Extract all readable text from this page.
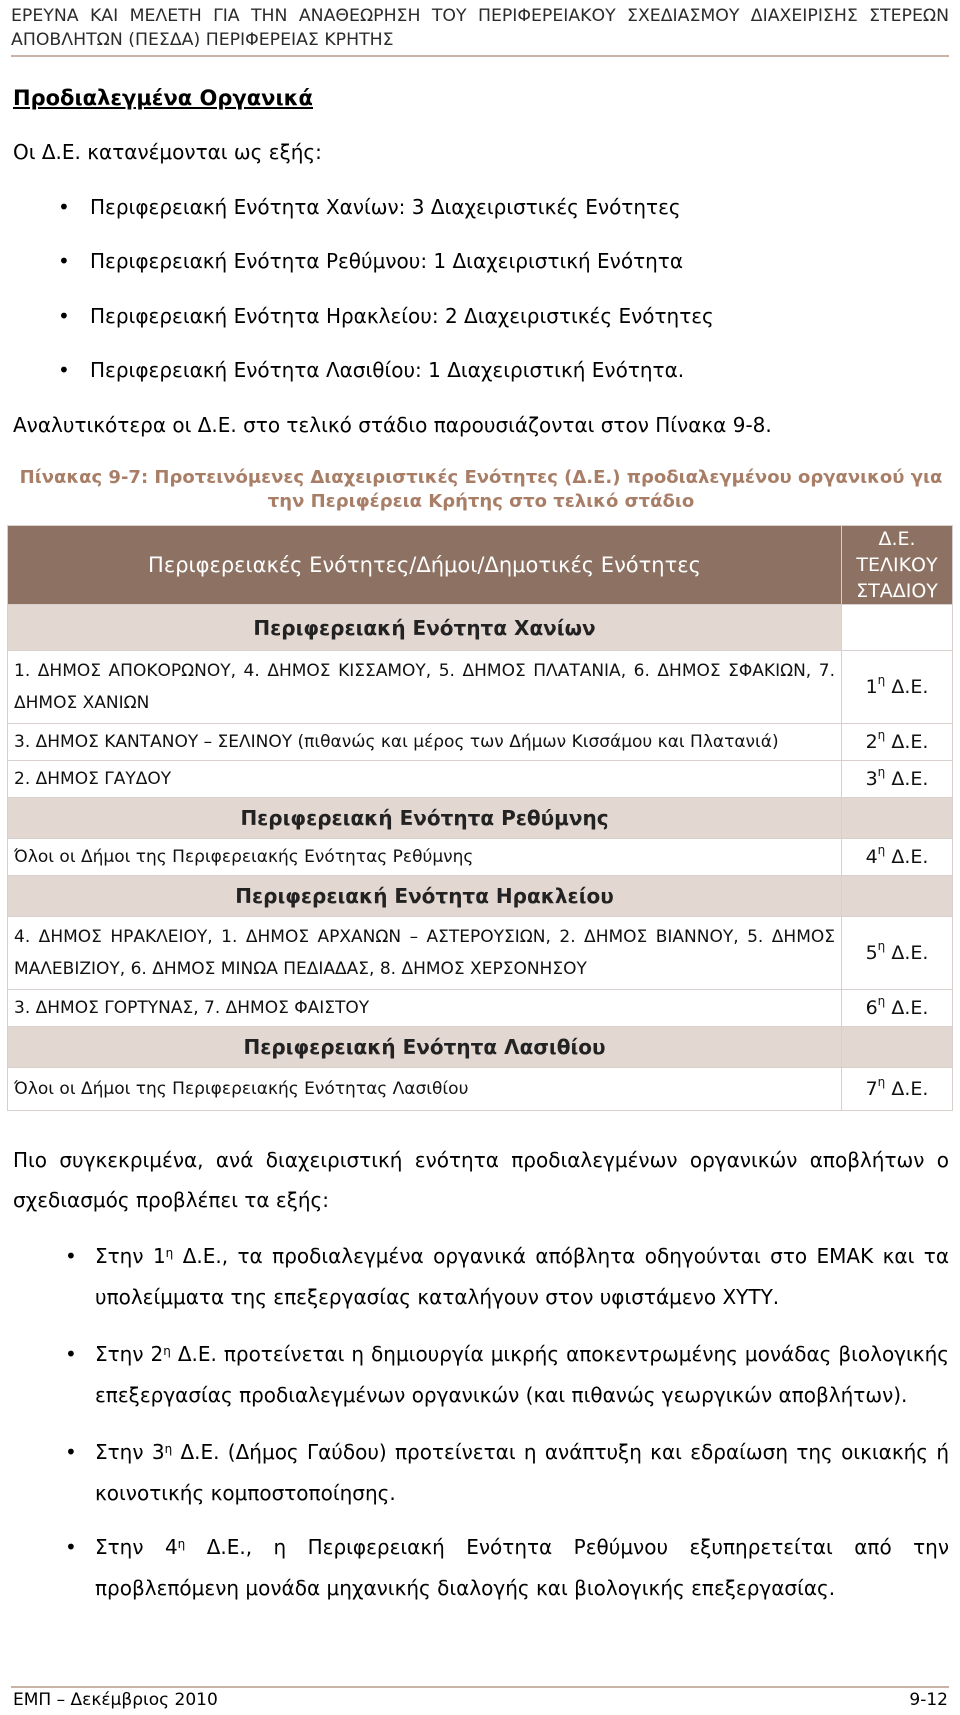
ΕΡΕΥΝΑ ΚΑΙ ΜΕΛΕΤΗ ΓΙΑ ΤΗΝ ΑΝΑΘΕΩΡΗΣΗ ΤΟΥ ΠΕΡΙΦΕΡΕΙΑΚΟΥ ΣΧΕΔΙΑΣΜΟΥ ΔΙΑΧΕΙΡΙΣΗΣ ΣΤΕΡΕΩΝ
ΑΠΟΒΛΗΤΩΝ (ΠΕΣΔΑ) ΠΕΡΙΦΕΡΕΙΑΣ ΚΡΗΤΗΣ
Προδιαλεγμένα Οργανικά
Οι Δ.Ε. κατανέμονται ως εξής:
• Περιφερειακή Ενότητα Χανίων: 3 Διαχειριστικές Ενότητες
• Περιφερειακή Ενότητα Ρεθύμνου: 1 Διαχειριστική Ενότητα
• Περιφερειακή Ενότητα Ηρακλείου: 2 Διαχειριστικές Ενότητες
• Περιφερειακή Ενότητα Λασιθίου: 1 Διαχειριστική Ενότητα.
Αναλυτικότερα οι Δ.Ε. στο τελικό στάδιο παρουσιάζονται στον Πίνακα 9-8.
Πίνακας 9-7: Προτεινόμενες Διαχειριστικές Ενότητες (Δ.Ε.) προδιαλεγμένου οργανικού για
την Περιφέρεια Κρήτης στο τελικό στάδιο
Περιφερειακές Ενότητες/Δήμοι/Δημοτικές Ενότητες	Δ.Ε.
ΤΕΛΙΚΟΥ
ΣΤΑΔΙΟΥ

Περιφερειακή Ενότητα Χανίων	
1. ΔΗΜΟΣ ΑΠΟΚΟΡΩΝΟΥ, 4. ΔΗΜΟΣ ΚΙΣΣΑΜΟΥ, 5. ΔΗΜΟΣ ΠΛΑΤΑΝΙΑ, 6. ΔΗΜΟΣ ΣΦΑΚΙΩΝ, 7. ΔΗΜΟΣ ΧΑΝΙΩΝ	$1^\eta$ Δ.Ε.
3. ΔΗΜΟΣ ΚΑΝΤΑΝΟΥ – ΣΕΛΙΝΟΥ (πιθανώς και μέρος των Δήμων Κισσάμου και Πλατανιά)	$2^\eta$ Δ.Ε.
2. ΔΗΜΟΣ ΓΑΥΔΟΥ	$3^\eta$ Δ.Ε.
Περιφερειακή Ενότητα Ρεθύμνης	
Όλοι οι Δήμοι της Περιφερειακής Ενότητας Ρεθύμνης	$4^\eta$ Δ.Ε.
Περιφερειακή Ενότητα Ηρακλείου	
4. ΔΗΜΟΣ ΗΡΑΚΛΕΙΟΥ, 1. ΔΗΜΟΣ ΑΡΧΑΝΩΝ – ΑΣΤΕΡΟΥΣΙΩΝ, 2. ΔΗΜΟΣ ΒΙΑΝΝΟΥ, 5. ΔΗΜΟΣ ΜΑΛΕΒΙΖΙΟΥ, 6. ΔΗΜΟΣ ΜΙΝΩΑ ΠΕΔΙΑΔΑΣ, 8. ΔΗΜΟΣ ΧΕΡΣΟΝΗΣΟΥ	$5^\eta$ Δ.Ε.
3. ΔΗΜΟΣ ΓΟΡΤΥΝΑΣ, 7. ΔΗΜΟΣ ΦΑΙΣΤΟΥ	$6^\eta$ Δ.Ε.
Περιφερειακή Ενότητα Λασιθίου	
Όλοι οι Δήμοι της Περιφερειακής Ενότητας Λασιθίου	$7^\eta$ Δ.Ε.
Πιο συγκεκριμένα, ανά διαχειριστική ενότητα προδιαλεγμένων οργανικών αποβλήτων ο σχεδιασμός προβλέπει τα εξής:
• Στην $1^\eta$ Δ.Ε., τα προδιαλεγμένα οργανικά απόβλητα οδηγούνται στο ΕΜΑΚ και τα υπολείμματα της επεξεργασίας καταλήγουν στον υφιστάμενο ΧΥΤΥ.
• Στην $2^\eta$ Δ.Ε. προτείνεται η δημιουργία μικρής αποκεντρωμένης μονάδας βιολογικής επεξεργασίας προδιαλεγμένων οργανικών (και πιθανώς γεωργικών αποβλήτων).
• Στην $3^\eta$ Δ.Ε. (Δήμος Γαύδου) προτείνεται η ανάπτυξη και εδραίωση της οικιακής ή κοινοτικής κομποστοποίησης.
• Στην $4^\eta$ Δ.Ε., η Περιφερειακή Ενότητα Ρεθύμνου εξυπηρετείται από την προβλεπόμενη μονάδα μηχανικής διαλογής και βιολογικής επεξεργασίας.
ΕΜΠ – Δεκέμβριος 2010	9-12
